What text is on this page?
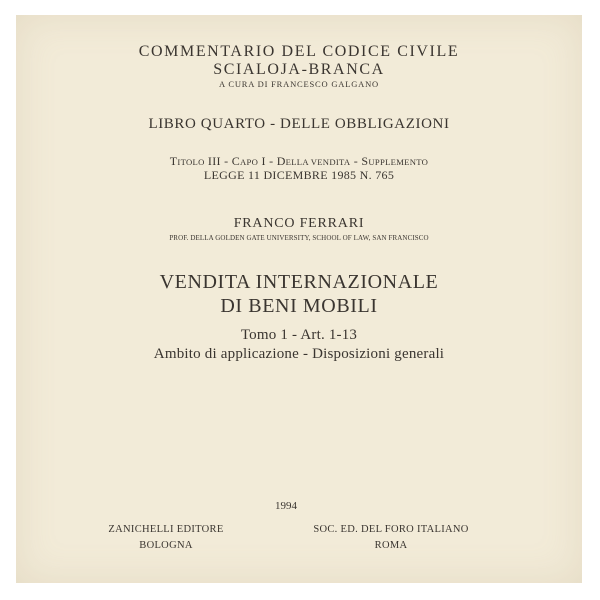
COMMENTARIO DEL CODICE CIVILE
SCIALOJA-BRANCA
A CURA DI FRANCESCO GALGANO
LIBRO QUARTO - DELLE OBBLIGAZIONI
TITOLO III - CAPO I - DELLA VENDITA - SUPPLEMENTO
LEGGE 11 DICEMBRE 1985 N. 765
FRANCO FERRARI
PROF. DELLA GOLDEN GATE UNIVERSITY, SCHOOL OF LAW, SAN FRANCISCO
VENDITA INTERNAZIONALE
DI BENI MOBILI
Tomo 1 - Art. 1-13
Ambito di applicazione - Disposizioni generali
1994
ZANICHELLI EDITORE
BOLOGNA
SOC. ED. DEL FORO ITALIANO
ROMA
